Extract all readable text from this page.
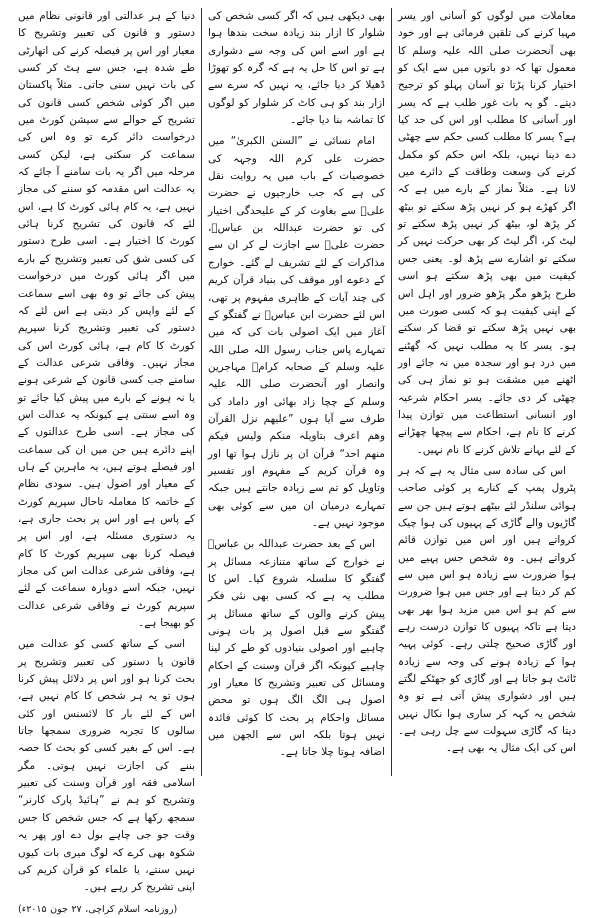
معاملات میں لوگوں کو آسانی اور یسر مہیا کرنے کی تلقین فرمائی ہے اور خود بھی آنحضرت صلی اللہ علیہ وسلم کا معمول تھا کہ دو باتوں میں سے ایک کو اختیار کرنا پڑتا تو آسان پہلو کو ترجیح دیتے۔ گو یہ بات غور طلب ہے کہ یسر اور آسانی کا مطلب اور اس کی حد کیا ہے؟ یسر کا مطلب کسی حکم سے چھٹی دے دینا نہیں، بلکہ اس حکم کو مکمل کرنے کی وسعت وطاقت کے دائرے میں لانا ہے۔ مثلاً نماز کے بارے میں ہے کہ اگر کھڑے ہو کر نہیں پڑھ سکتے تو بیٹھ کر پڑھ لو، بیٹھ کر نہیں پڑھ سکتے تو لیٹ کر، اگر لیٹ کر بھی حرکت نہیں کر سکتے تو اشارے سے پڑھ لو۔ یعنی جس کیفیت میں بھی پڑھ سکتے ہو اسی طرح پڑھو مگر پڑھو ضرور اور اہل اس کے اپنی کیفیت ہو کہ کسی صورت میں بھی نہیں پڑھ سکتے تو قضا کر سکتے ہو۔ یسر کا یہ مطلب نہیں کہ گھٹنے میں درد ہو اور سجدہ میں نہ جائے اور اٹھنے میں مشقت ہو تو نماز ہی کی چھٹی کر دی جائے۔ یسر احکام شرعیہ اور انسانی استطاعت میں توازن پیدا کرنے کا نام ہے، احکام سے پیچھا چھڑانے کے لئے بہانے تلاش کرنے کا نام نہیں۔

اس کی سادہ سی مثال یہ ہے کہ ہر پٹرول پمپ کے کنارے پر کوئی صاحب ہوائی سلنڈر لئے بیٹھے ہوتے ہیں جن سے گاڑیوں والے گاڑی کے پہیوں کی ہوا چیک کرواتے ہیں اور اس میں توازن قائم کرواتے ہیں۔ وہ شخص جس پہیے میں ہوا ضرورت سے زیادہ ہو اس میں سے کم کر دیتا ہے اور جس میں ہوا ضرورت سے کم ہو اس میں مزید ہوا بھر بھی دیتا ہے تاکہ پہیوں کا توازن درست رہے اور گاڑی صحیح چلتی رہے۔ کوئی پہیہ ہوا کے زیادہ ہونے کی وجہ سے زیادہ ٹائٹ ہو جاتا ہے اور گاڑی کو جھٹکے لگتے ہیں اور دشواری پیش آتی ہے تو وہ شخص یہ کہہ کر ساری ہوا نکال نہیں دیتا کہ گاڑی سہولت سے چل رہی ہے۔ اس کی ایک مثال یہ بھی ہے۔

بھی دیکھی ہیں کہ اگر کسی شخص کی شلوار کا ازار بند زیادہ سخت بندھا ہوا ہے اور اسے اس کی وجہ سے دشواری ہے تو اس کا حل یہ ہے کہ گرہ کو تھوڑا ڈھیلا کر دیا جائے، یہ نہیں کہ سرے سے ازار بند کو ہی کاٹ کر شلوار کو لوگوں کا تماشہ بنا دیا جائے۔

امام نسائی نے ”السنن الکبریٰ“ میں حضرت علی کرم اللہ وجہہ کی خصوصیات کے باب میں یہ روایت نقل کی ہے کہ جب خارجیوں نے حضرت علیؓ سے بغاوت کر کے علیحدگی اختیار کی تو حضرت عبداللہ بن عباسؓ، حضرت علیؓ سے اجازت لے کر ان سے مذاکرات کے لئے تشریف لے گئے۔ خوارج کے دعوے اور موقف کی بنیاد قرآن کریم کی چند آیات کے ظاہری مفہوم پر تھی، اس لئے حضرت ابن عباسؓ نے گفتگو کے آغاز میں ایک اصولی بات کی کہ میں تمہارے پاس جناب رسول اللہ صلی اللہ علیہ وسلم کے صحابہ کرامؓ مہاجرین وانصار اور آنحضرت صلی اللہ علیہ وسلم کے چچا زاد بھائی اور داماد کی طرف سے آیا ہوں ”علیھم نزل القرآن وھم اعرف بتاویلہ منکم ولیس فیکم منھم احد“ قرآن ان پر نازل ہوا تھا اور وہ قرآن کریم کے مفہوم اور تفسیر وتاویل کو تم سے زیادہ جانتے ہیں جبکہ تمہارے درمیان ان میں سے کوئی بھی موجود نہیں ہے۔

اس کے بعد حضرت عبداللہ بن عباسؓ نے خوارج کے ساتھ متنازعہ مسائل پر گفتگو کا سلسلہ شروع کیا۔ اس کا مطلب یہ ہے کہ کسی بھی نئی فکر پیش کرنے والوں کے ساتھ مسائل پر گفتگو سے قبل اصول پر بات ہونی چاہیے اور اصولی بنیادوں کو طے کر لینا چاہیے کیونکہ اگر قرآن وسنت کے احکام ومسائل کی تعبیر وتشریح کا معیار اور اصول ہی الگ الگ ہوں تو محض مسائل واحکام پر بحث کا کوئی فائدہ نہیں ہوتا بلکہ اس سے الجھن میں اضافہ ہوتا چلا جاتا ہے۔

دنیا کے ہر عدالتی اور قانونی نظام میں دستور و قانون کی تعبیر وتشریح کا معیار اور اس پر فیصلہ کرنے کی اتھارٹی طے شدہ ہے، جس سے ہٹ کر کسی کی بات نہیں سنی جاتی۔ مثلاً پاکستان میں اگر کوئی شخص کسی قانون کی تشریح کے حوالے سے سیشن کورٹ میں درخواست دائر کرے تو وہ اس کی سماعت کر سکتی ہے، لیکن کسی مرحلہ میں اگر یہ بات سامنے آ جائے کہ یہ عدالت اس مقدمہ کو سننے کی مجاز نہیں ہے، یہ کام ہائی کورٹ کا ہے، اس لئے کہ قانون کی تشریح کرنا ہائی کورٹ کا اختیار ہے۔ اسی طرح دستور کی کسی شق کی تعبیر وتشریح کے بارے میں اگر ہائی کورٹ میں درخواست پیش کی جائے تو وہ بھی اسے سماعت کے لئے واپس کر دیتی ہے اس لئے کہ دستور کی تعبیر وتشریح کرنا سپریم کورٹ کا کام ہے، ہائی کورٹ اس کی مجاز نہیں۔ وفاقی شرعی عدالت کے سامنے جب کسی قانون کے شرعی ہونے یا نہ ہونے کے بارے میں پیش کیا جائے تو وہ اسے سنتی ہے کیونکہ یہ عدالت اس کی مجاز ہے۔ اسی طرح عدالتوں کے اپنے دائرے ہیں جن میں ان کی سماعت اور فیصلے ہوتے ہیں، یہ ماہرین کے ہاں کے معیار اور اصول ہیں۔ سودی نظام کے خاتمہ کا معاملہ تاحال سپریم کورٹ کے پاس ہے اور اس پر بحث جاری ہے، یہ دستوری مسئلہ ہے، اور اس پر فیصلہ کرنا بھی سپریم کورٹ کا کام ہے، وفاقی شرعی عدالت اس کی مجاز نہیں، جبکہ اسے دوبارہ سماعت کے لئے سپریم کورٹ نے وفاقی شرعی عدالت کو بھیجا ہے۔

اسی کے ساتھ کسی کو عدالت میں قانون یا دستور کی تعبیر وتشریح پر بحث کرنا ہو اور اس پر دلائل پیش کرنا ہوں تو یہ ہر شخص کا کام نہیں ہے، اس کے لئے بار کا لائسنس اور کئی سالوں کا تجربہ ضروری سمجھا جاتا ہے۔ اس کے بغیر کسی کو بحث کا حصہ بننے کی اجازت نہیں ہوتی۔ مگر اسلامی فقہ اور قرآن وسنت کی تعبیر وتشریح کو ہم نے ”ہائیڈ پارک کارنر“ سمجھ رکھا ہے کہ جس شخص کا جس وقت جو جی چاہے بول دے اور پھر یہ شکوہ بھی کرے کہ لوگ میری بات کیوں نہیں سنتے، یا علماء کو قرآن کریم کی اپنی تشریح کر رہے ہیں۔

(روزنامہ اسلام کراچی، ۲۷ جون ۲۰۱۵ء)
